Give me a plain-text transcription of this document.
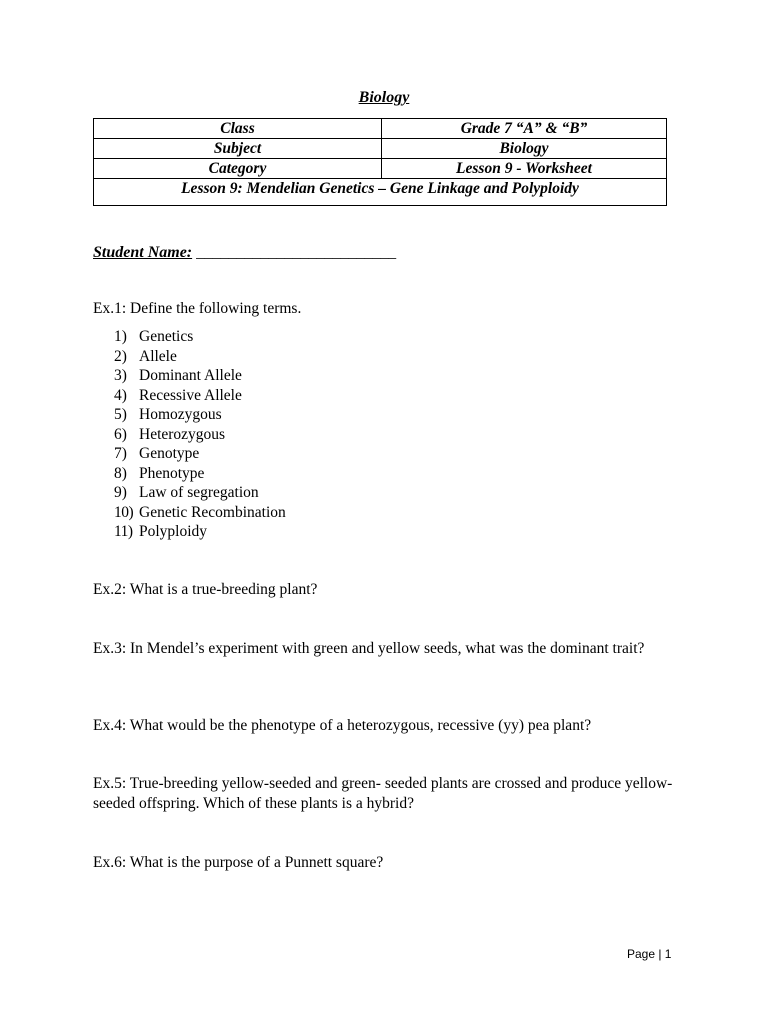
Biology
Class	Grade 7 “A” & “B”
Subject	Biology
Category	Lesson 9 - Worksheet
Lesson 9: Mendelian Genetics – Gene Linkage and Polyploidy	
Student Name: _________________________
Ex.1: Define the following terms.
1) Genetics
2) Allele
3) Dominant Allele
4) Recessive Allele
5) Homozygous
6) Heterozygous
7) Genotype
8) Phenotype
9) Law of segregation
10) Genetic Recombination
11) Polyploidy
Ex.2: What is a true-breeding plant?
Ex.3: In Mendel’s experiment with green and yellow seeds, what was the dominant trait?
Ex.4: What would be the phenotype of a heterozygous, recessive (yy) pea plant?
Ex.5: True-breeding yellow-seeded and green- seeded plants are crossed and produce yellow-seeded offspring. Which of these plants is a hybrid?
Ex.6: What is the purpose of a Punnett square?
Page | 1
